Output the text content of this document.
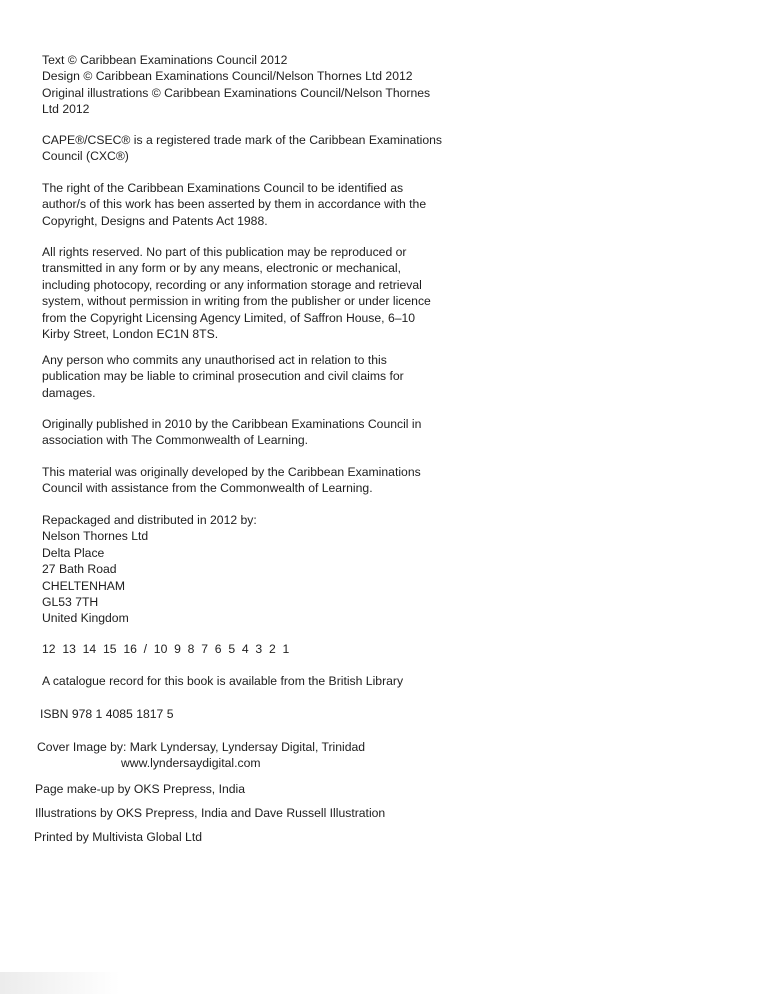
Text © Caribbean Examinations Council 2012
Design © Caribbean Examinations Council/Nelson Thornes Ltd 2012
Original illustrations © Caribbean Examinations Council/Nelson Thornes
Ltd 2012
CAPE®/CSEC® is a registered trade mark of the Caribbean Examinations
Council (CXC®)
The right of the Caribbean Examinations Council to be identified as
author/s of this work has been asserted by them in accordance with the
Copyright, Designs and Patents Act 1988.
All rights reserved. No part of this publication may be reproduced or
transmitted in any form or by any means, electronic or mechanical,
including photocopy, recording or any information storage and retrieval
system, without permission in writing from the publisher or under licence
from the Copyright Licensing Agency Limited, of Saffron House, 6–10
Kirby Street, London EC1N 8TS.
Any person who commits any unauthorised act in relation to this
publication may be liable to criminal prosecution and civil claims for
damages.
Originally published in 2010 by the Caribbean Examinations Council in
association with The Commonwealth of Learning.
This material was originally developed by the Caribbean Examinations
Council with assistance from the Commonwealth of Learning.
Repackaged and distributed in 2012 by:
Nelson Thornes Ltd
Delta Place
27 Bath Road
CHELTENHAM
GL53 7TH
United Kingdom
12  13  14  15  16  /  10  9  8  7  6  5  4  3  2  1
A catalogue record for this book is available from the British Library
ISBN 978 1 4085 1817 5
Cover Image by: Mark Lyndersay, Lyndersay Digital, Trinidad
www.lyndersaydigital.com
Page make-up by OKS Prepress, India
Illustrations by OKS Prepress, India and Dave Russell Illustration
Printed by Multivista Global Ltd
